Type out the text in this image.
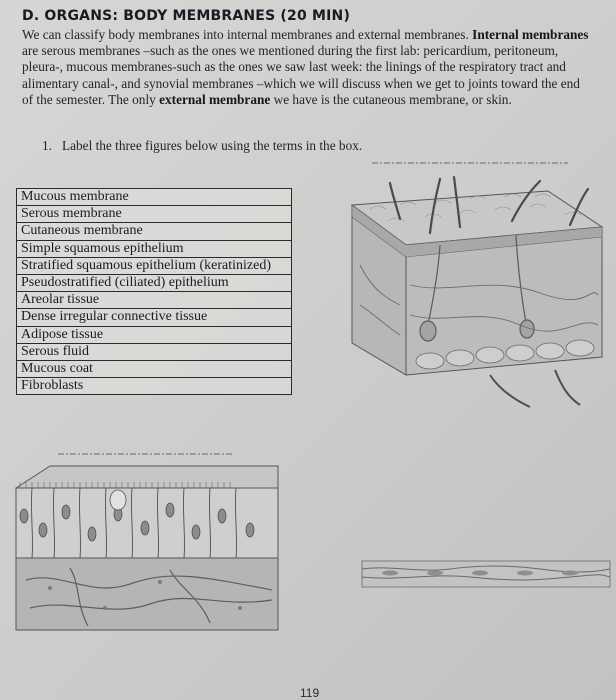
D. ORGANS: BODY MEMBRANES (20 MIN)
We can classify body membranes into internal membranes and external membranes. Internal membranes are serous membranes –such as the ones we mentioned during the first lab: pericardium, peritoneum, pleura-, mucous membranes-such as the ones we saw last week: the linings of the respiratory tract and alimentary canal-, and synovial membranes –which we will discuss when we get to joints toward the end of the semester. The only external membrane we have is the cutaneous membrane, or skin.
1. Label the three figures below using the terms in the box.
Mucous membrane
Serous membrane
Cutaneous membrane
Simple squamous epithelium
Stratified squamous epithelium (keratinized)
Pseudostratified (ciliated) epithelium
Areolar tissue
Dense irregular connective tissue
Adipose tissue
Serous fluid
Mucous coat
Fibroblasts
119
